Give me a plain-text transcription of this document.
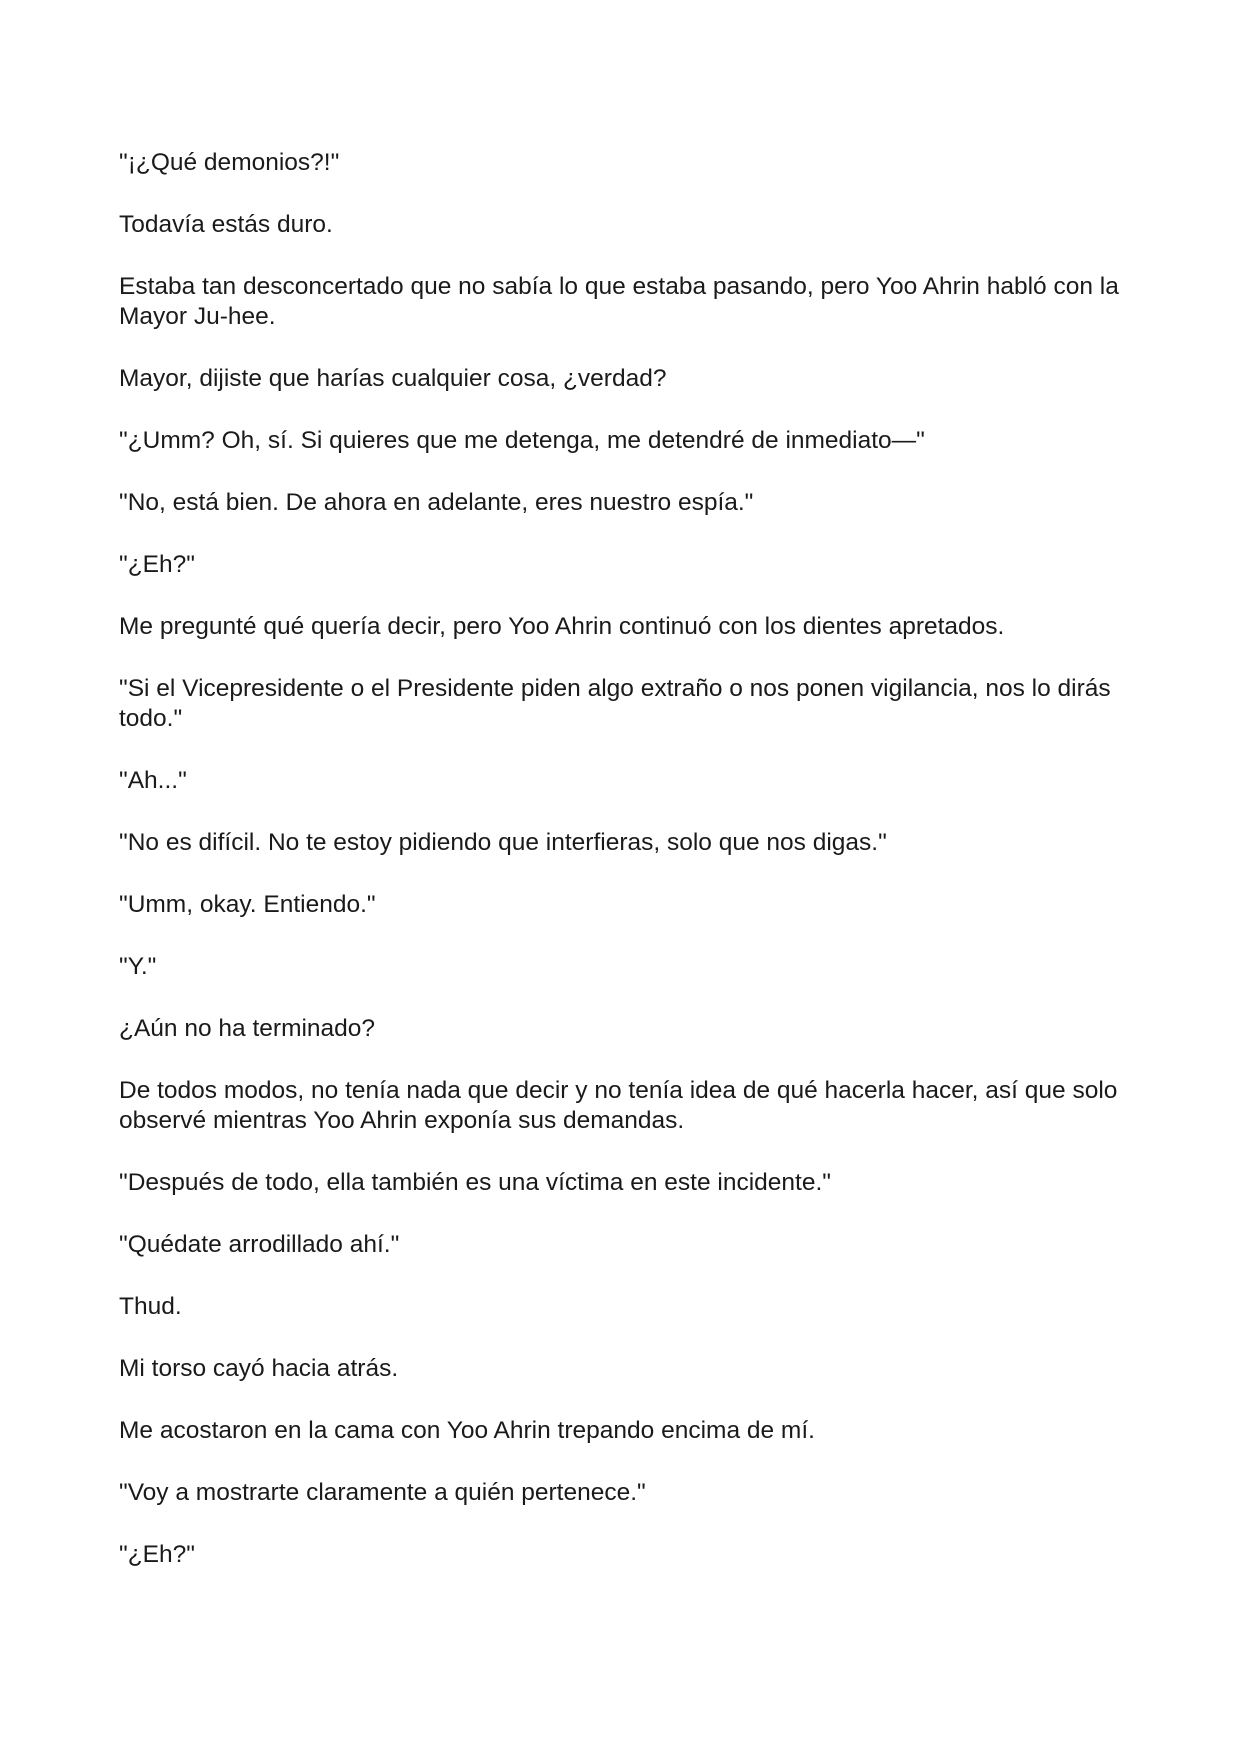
"¡¿Qué demonios?!"

Todavía estás duro.

Estaba tan desconcertado que no sabía lo que estaba pasando, pero Yoo Ahrin habló con la Mayor Ju-hee.

Mayor, dijiste que harías cualquier cosa, ¿verdad?

"¿Umm? Oh, sí. Si quieres que me detenga, me detendré de inmediato—"

"No, está bien. De ahora en adelante, eres nuestro espía."

"¿Eh?"

Me pregunté qué quería decir, pero Yoo Ahrin continuó con los dientes apretados.

"Si el Vicepresidente o el Presidente piden algo extraño o nos ponen vigilancia, nos lo dirás todo."

"Ah..."

"No es difícil. No te estoy pidiendo que interfieras, solo que nos digas."

"Umm, okay. Entiendo."

"Y."

¿Aún no ha terminado?

De todos modos, no tenía nada que decir y no tenía idea de qué hacerla hacer, así que solo observé mientras Yoo Ahrin exponía sus demandas.

"Después de todo, ella también es una víctima en este incidente."

"Quédate arrodillado ahí."

Thud.

Mi torso cayó hacia atrás.

Me acostaron en la cama con Yoo Ahrin trepando encima de mí.

"Voy a mostrarte claramente a quién pertenece."

"¿Eh?"
